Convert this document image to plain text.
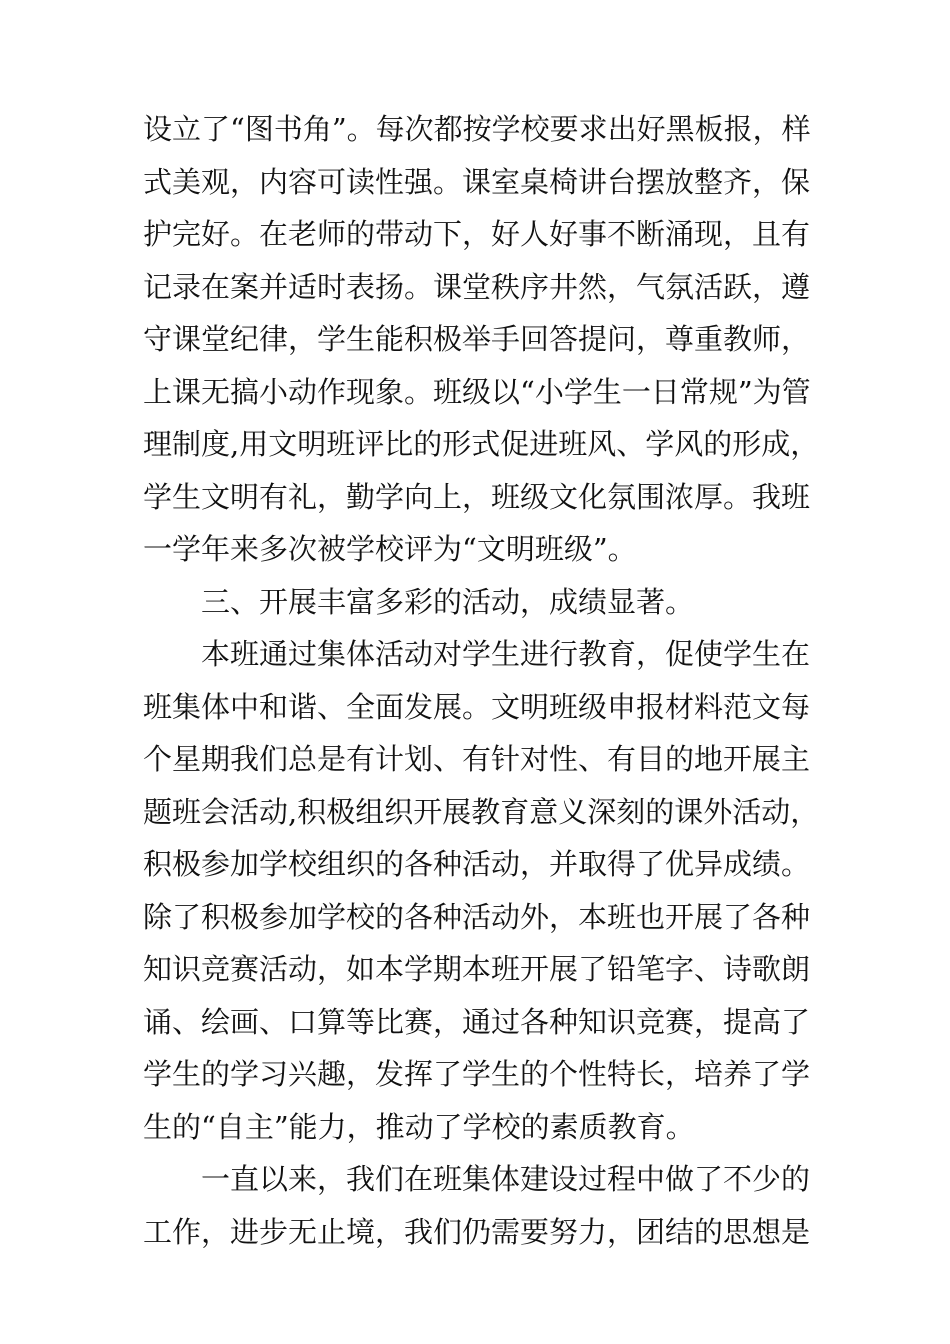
设立了“图书角”。每次都按学校要求出好黑板报，样
式美观，内容可读性强。课室桌椅讲台摆放整齐，保
护完好。在老师的带动下，好人好事不断涌现，且有
记录在案并适时表扬。课堂秩序井然，气氛活跃，遵
守课堂纪律，学生能积极举手回答提问，尊重教师，
上课无搞小动作现象。班级以“小学生一日常规”为管
理制度,用文明班评比的形式促进班风、学风的形成，
学生文明有礼，勤学向上，班级文化氛围浓厚。我班
一学年来多次被学校评为“文明班级”。
三、开展丰富多彩的活动，成绩显著。
本班通过集体活动对学生进行教育，促使学生在
班集体中和谐、全面发展。文明班级申报材料范文每
个星期我们总是有计划、有针对性、有目的地开展主
题班会活动,积极组织开展教育意义深刻的课外活动，
积极参加学校组织的各种活动，并取得了优异成绩。
除了积极参加学校的各种活动外，本班也开展了各种
知识竞赛活动，如本学期本班开展了铅笔字、诗歌朗
诵、绘画、口算等比赛，通过各种知识竞赛，提高了
学生的学习兴趣，发挥了学生的个性特长，培养了学
生的“自主”能力，推动了学校的素质教育。
一直以来，我们在班集体建设过程中做了不少的
工作，进步无止境，我们仍需要努力，团结的思想是
